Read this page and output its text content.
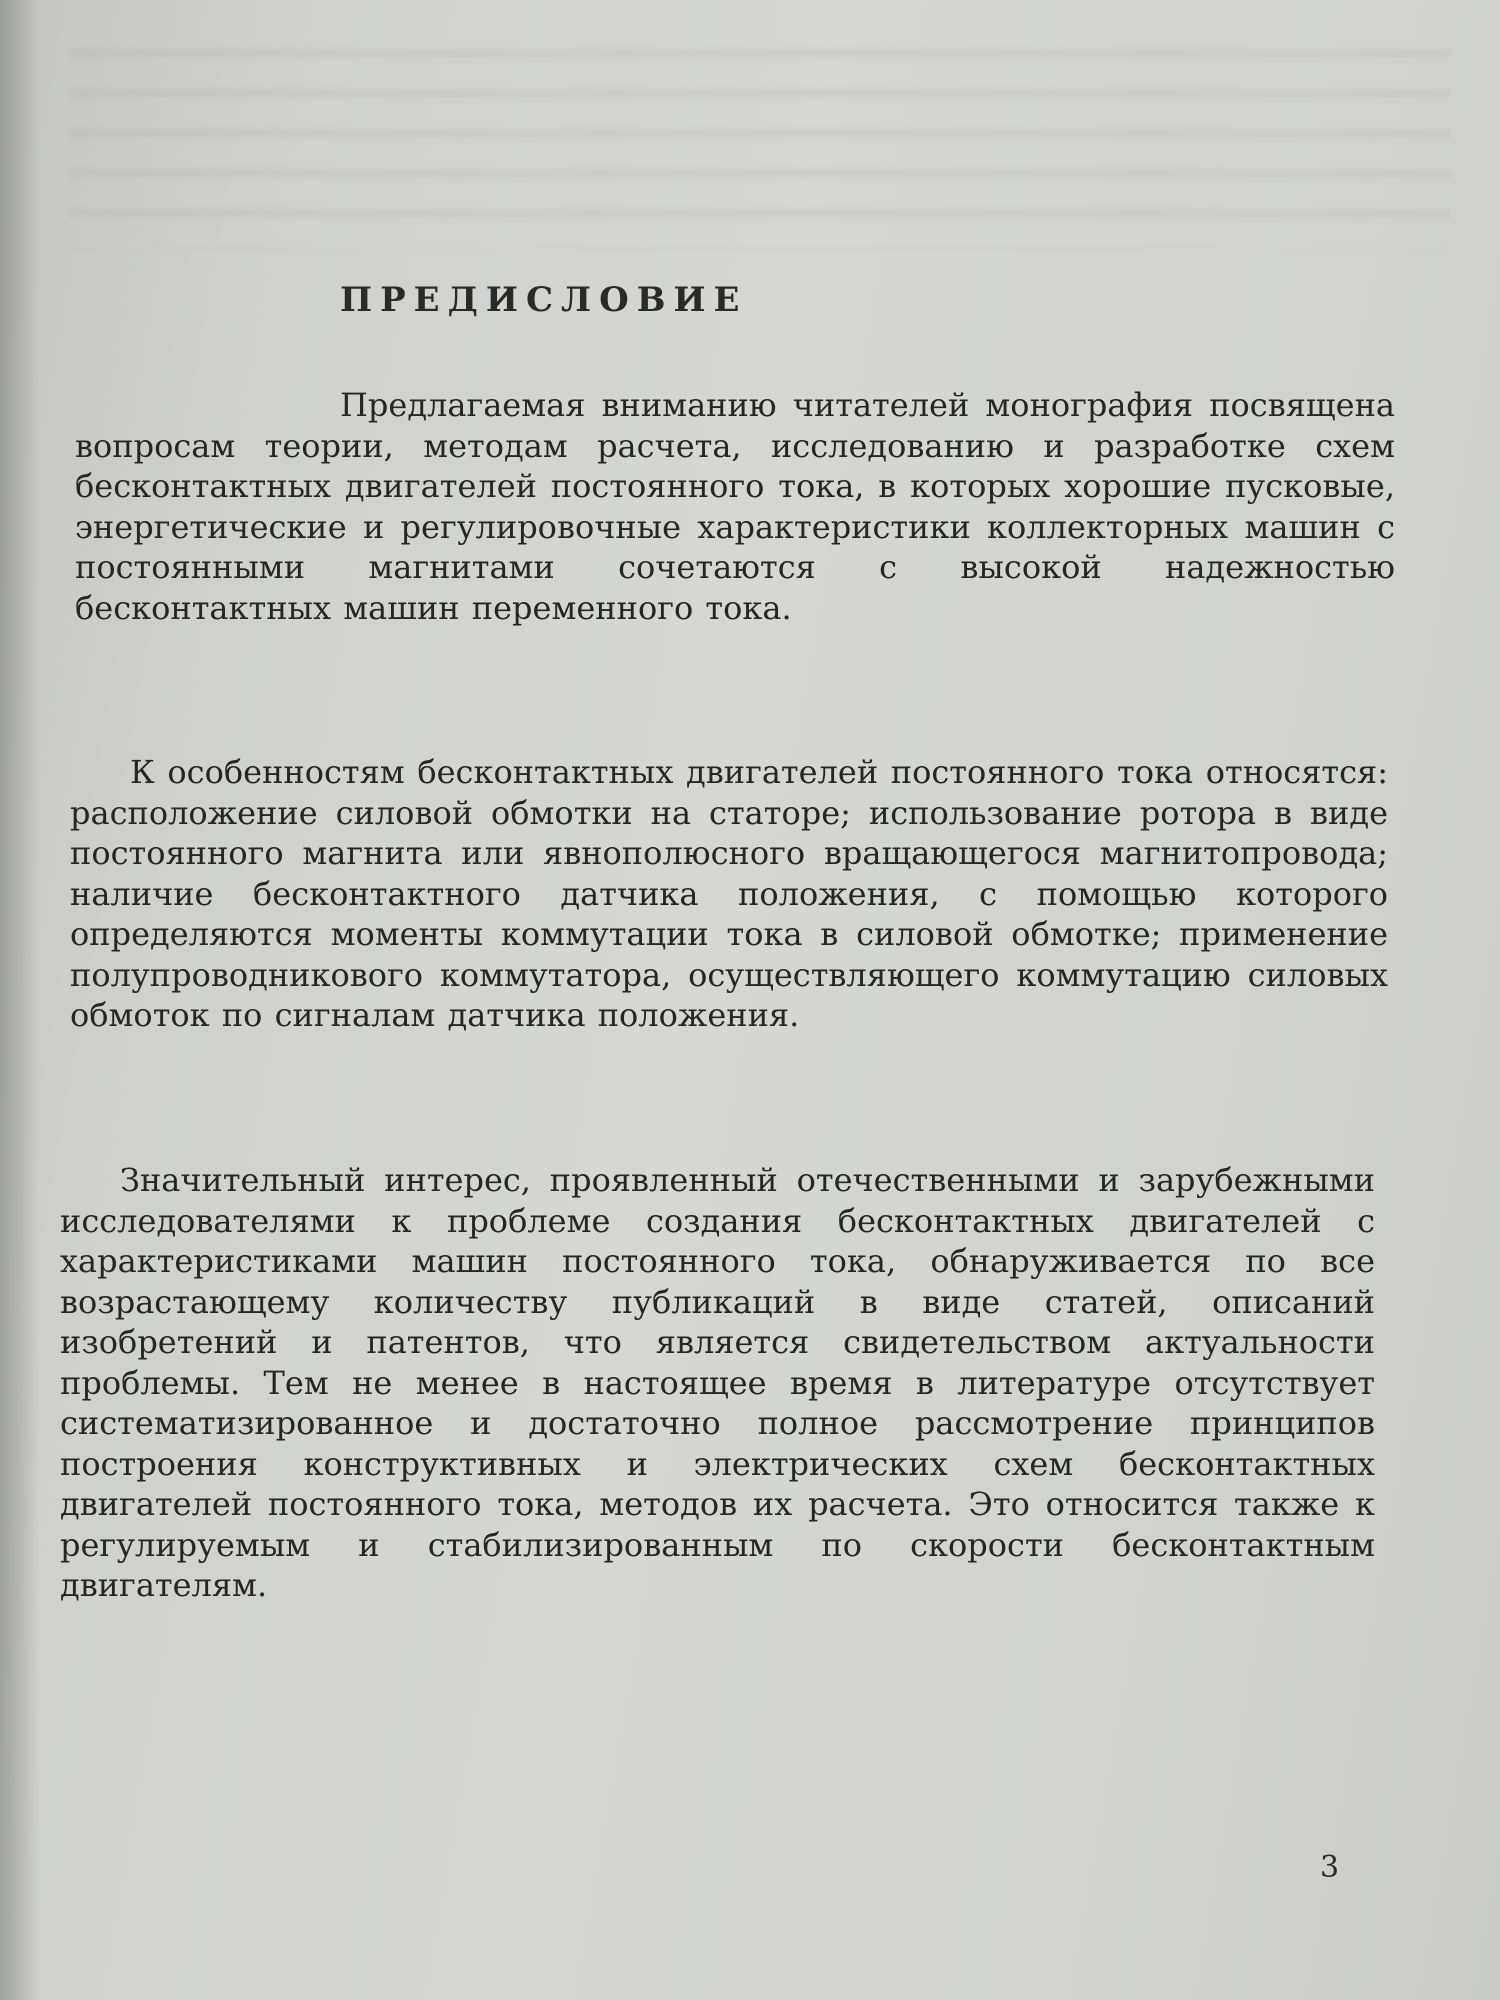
ПРЕДИСЛОВИЕ
Предлагаемая вниманию читателей монография посвящена вопросам теории, методам расчета, исследованию и разработке схем бесконтактных двигателей постоянного тока, в которых хорошие пусковые, энергетические и регулировочные характеристики коллекторных машин с постоянными магнитами сочетаются с высокой надежностью бесконтактных машин переменного тока.
К особенностям бесконтактных двигателей постоянного тока относятся: расположение силовой обмотки на статоре; использование ротора в виде постоянного магнита или явнополюсного вращающегося магнитопровода; наличие бесконтактного датчика положения, с помощью которого определяются моменты коммутации тока в силовой обмотке; применение полупроводникового коммутатора, осуществляющего коммутацию силовых обмоток по сигналам датчика положения.
Значительный интерес, проявленный отечественными и зарубежными исследователями к проблеме создания бесконтактных двигателей с характеристиками машин постоянного тока, обнаруживается по все возрастающему количеству публикаций в виде статей, описаний изобретений и патентов, что является свидетельством актуальности проблемы. Тем не менее в настоящее время в литературе отсутствует систематизированное и достаточно полное рассмотрение принципов построения конструктивных и электрических схем бесконтактных двигателей постоянного тока, методов их расчета. Это относится также к регулируемым и стабилизированным по скорости бесконтактным двигателям.
3
